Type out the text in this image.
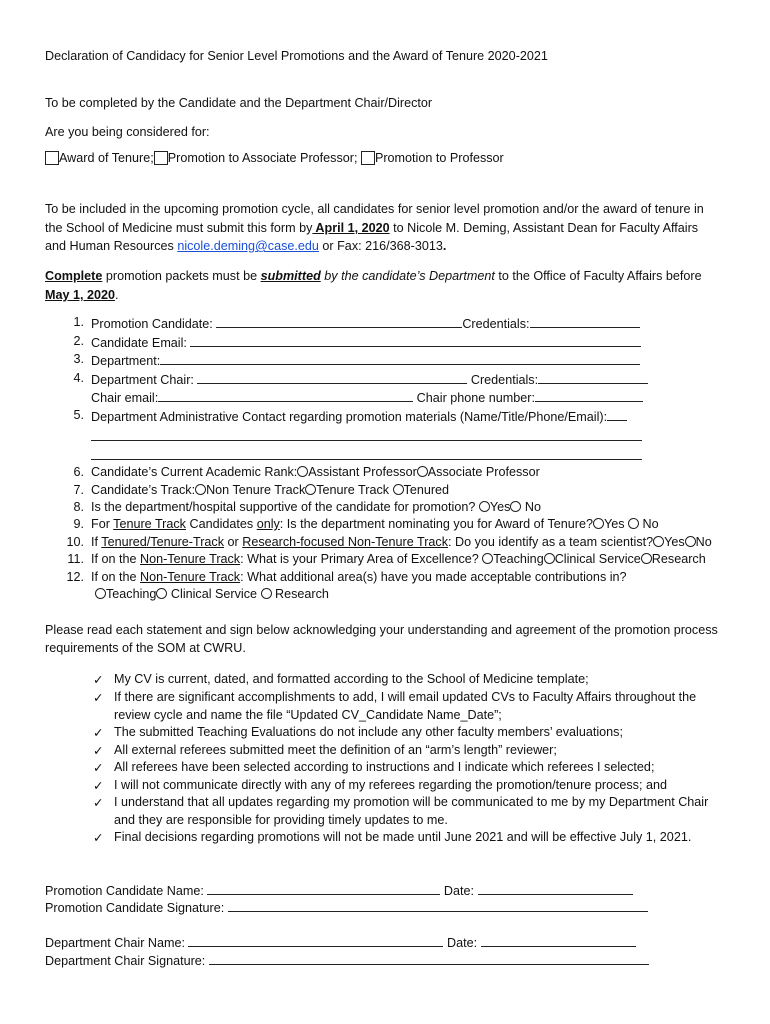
Declaration of Candidacy for Senior Level Promotions and the Award of Tenure 2020-2021
To be completed by the Candidate and the Department Chair/Director
Are you being considered for:
Award of Tenure; Promotion to Associate Professor; Promotion to Professor
To be included in the upcoming promotion cycle, all candidates for senior level promotion and/or the award of tenure in
the School of Medicine must submit this form by April 1, 2020 to Nicole M. Deming, Assistant Dean for Faculty Affairs
and Human Resources nicole.deming@case.edu or Fax: 216/368-3013.
Complete promotion packets must be submitted by the candidate’s Department to the Office of Faculty Affairs before
May 1, 2020.
1. Promotion Candidate:	Credentials:
2. Candidate Email:
3. Department:
4. Department Chair:	Credentials:
Chair email:	Chair phone number:
5. Department Administrative Contact regarding promotion materials (Name/Title/Phone/Email):
6. Candidate’s Current Academic Rank: Assistant Professor Associate Professor
7. Candidate’s Track: Non Tenure Track Tenure Track Tenured
8. Is the department/hospital supportive of the candidate for promotion? Yes No
9. For Tenure Track Candidates only: Is the department nominating you for Award of Tenure? Yes  No
10. If Tenured/Tenure-Track or Research-focused Non-Tenure Track: Do you identify as a team scientist? Yes No
11. If on the Non-Tenure Track: What is your Primary Area of Excellence? Teaching Clinical Service Research
12. If on the Non-Tenure Track: What additional area(s) have you made acceptable contributions in?
Teaching Clinical Service  Research
Please read each statement and sign below acknowledging your understanding and agreement of the promotion process
requirements of the SOM at CWRU.
✓ My CV is current, dated, and formatted according to the School of Medicine template;
✓ If there are significant accomplishments to add, I will email updated CVs to Faculty Affairs throughout the
review cycle and name the file “Updated CV_Candidate Name_Date”;
✓ The submitted Teaching Evaluations do not include any other faculty members’ evaluations;
✓ All external referees submitted meet the definition of an “arm’s length” reviewer;
✓ All referees have been selected according to instructions and I indicate which referees I selected;
✓ I will not communicate directly with any of my referees regarding the promotion/tenure process; and
✓ I understand that all updates regarding my promotion will be communicated to me by my Department Chair
and they are responsible for providing timely updates to me.
✓ Final decisions regarding promotions will not be made until June 2021 and will be effective July 1, 2021.
Promotion Candidate Name:	Date:
Promotion Candidate Signature:
Department Chair Name:	Date:
Department Chair Signature:
